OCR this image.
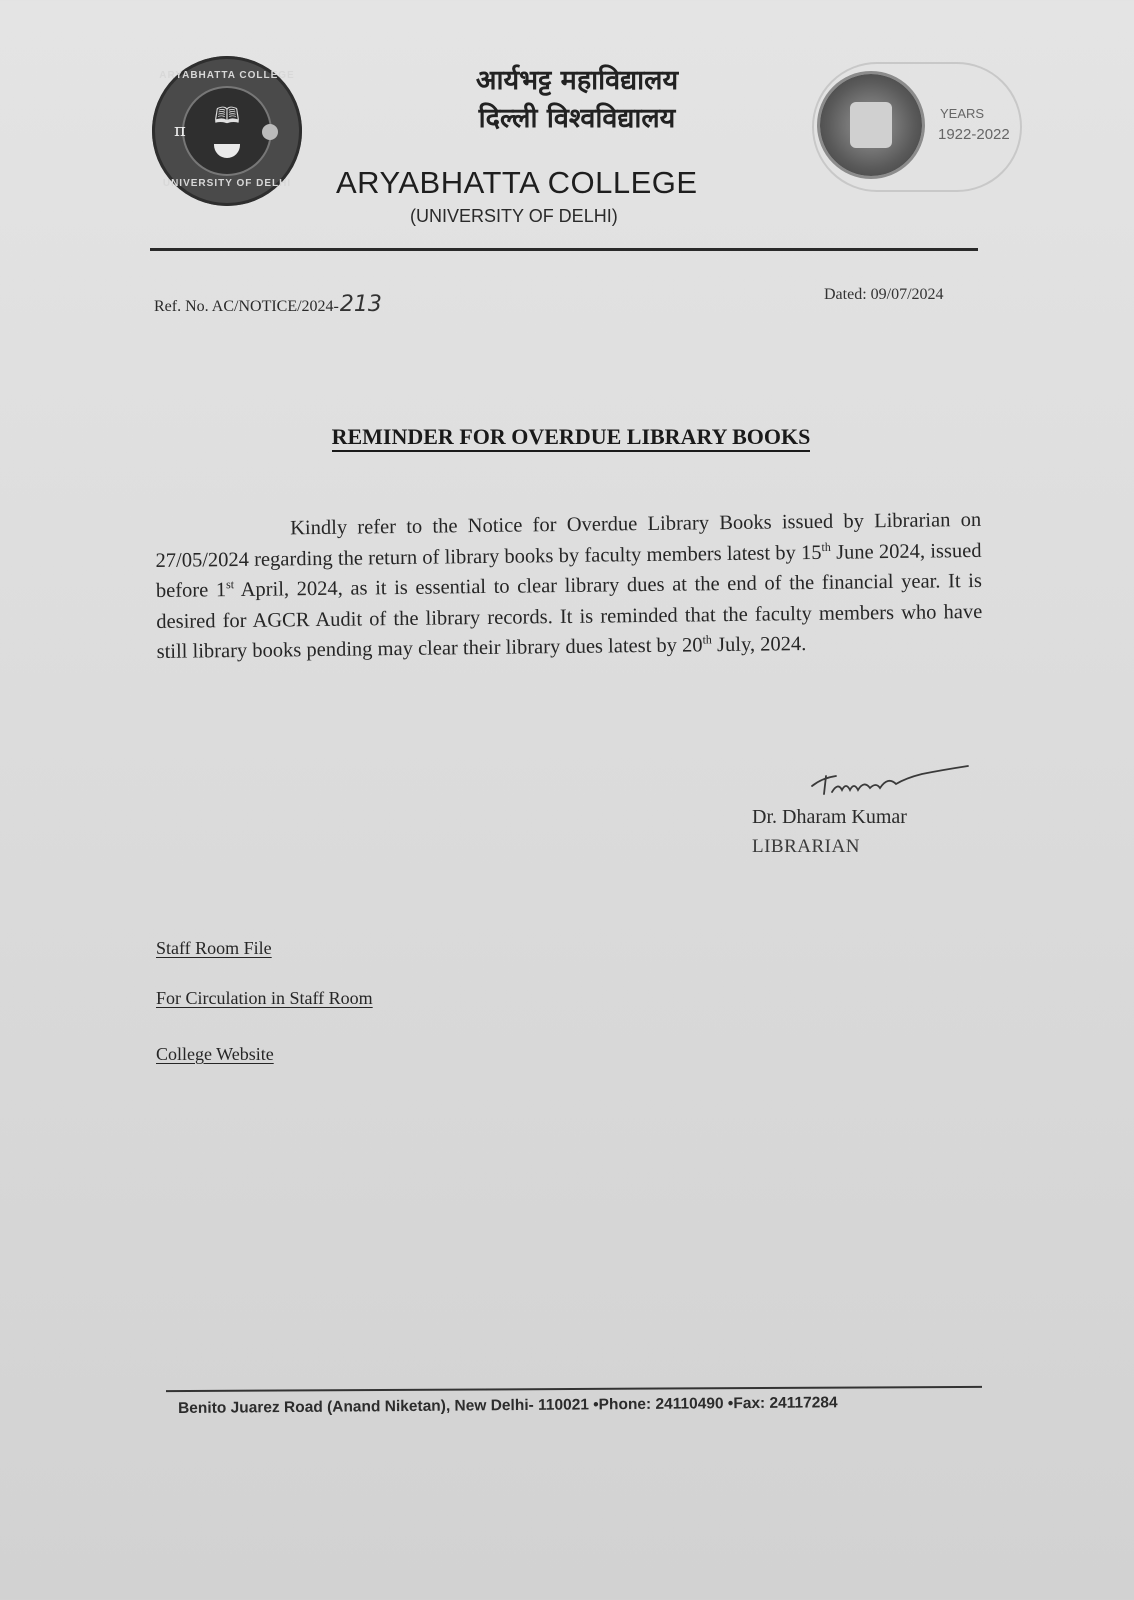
ARYABHATTA COLLEGE
🕮
π
UNIVERSITY OF DELHI
आर्यभट्ट महाविद्यालय
दिल्ली विश्वविद्यालय
ARYABHATTA COLLEGE
(UNIVERSITY OF DELHI)
YEARS
1922-2022
Ref. No. AC/NOTICE/2024-213	Dated: 09/07/2024
REMINDER FOR OVERDUE LIBRARY BOOKS
Kindly refer to the Notice for Overdue Library Books issued by Librarian on 27/05/2024 regarding the return of library books by faculty members latest by 15th June 2024, issued before 1st April, 2024, as it is essential to clear library dues at the end of the financial year. It is desired for AGCR Audit of the library records. It is reminded that the faculty members who have still library books pending may clear their library dues latest by 20th July, 2024.
Dr. Dharam Kumar
LIBRARIAN
Staff Room File
For Circulation in Staff Room
College Website
Benito Juarez Road (Anand Niketan), New Delhi- 110021 •Phone: 24110490 •Fax: 24117284
